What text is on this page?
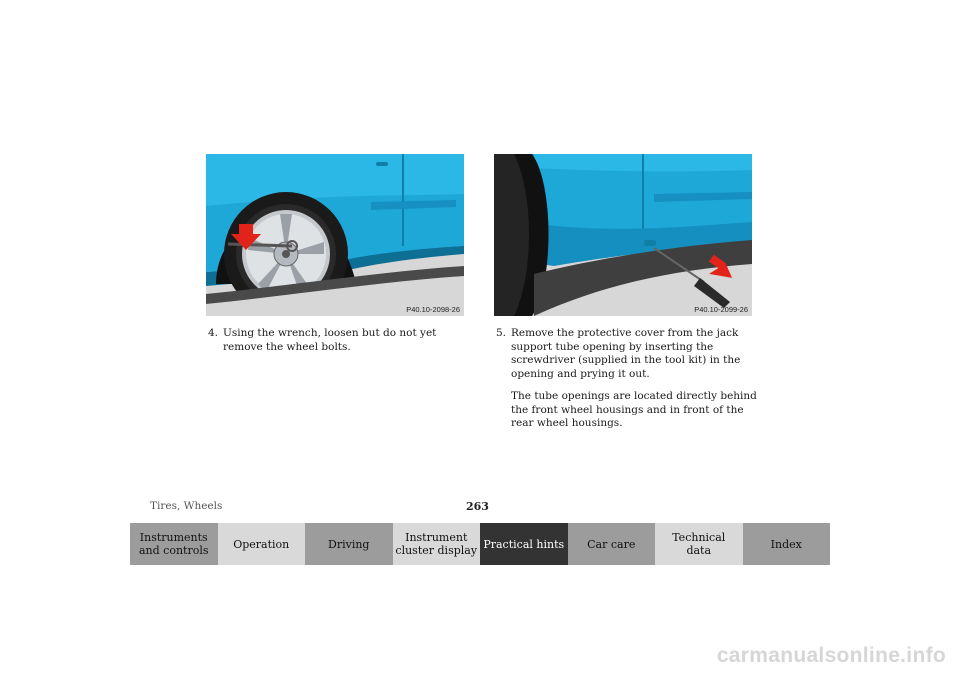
P40.10-2098-26	P40.10-2099-26
4. Using the wrench, loosen but do not yet remove the wheel bolts.
5. Remove the protective cover from the jack support tube opening by inserting the screwdriver (supplied in the tool kit) in the opening and prying it out.

The tube openings are located directly behind the front wheel housings and in front of the rear wheel housings.

Tires, Wheels	263
Instruments
and controls	Operation	Driving	Instrument
cluster display Practical hints	Car care	Technical
data	Index
carmanualsonline.info
